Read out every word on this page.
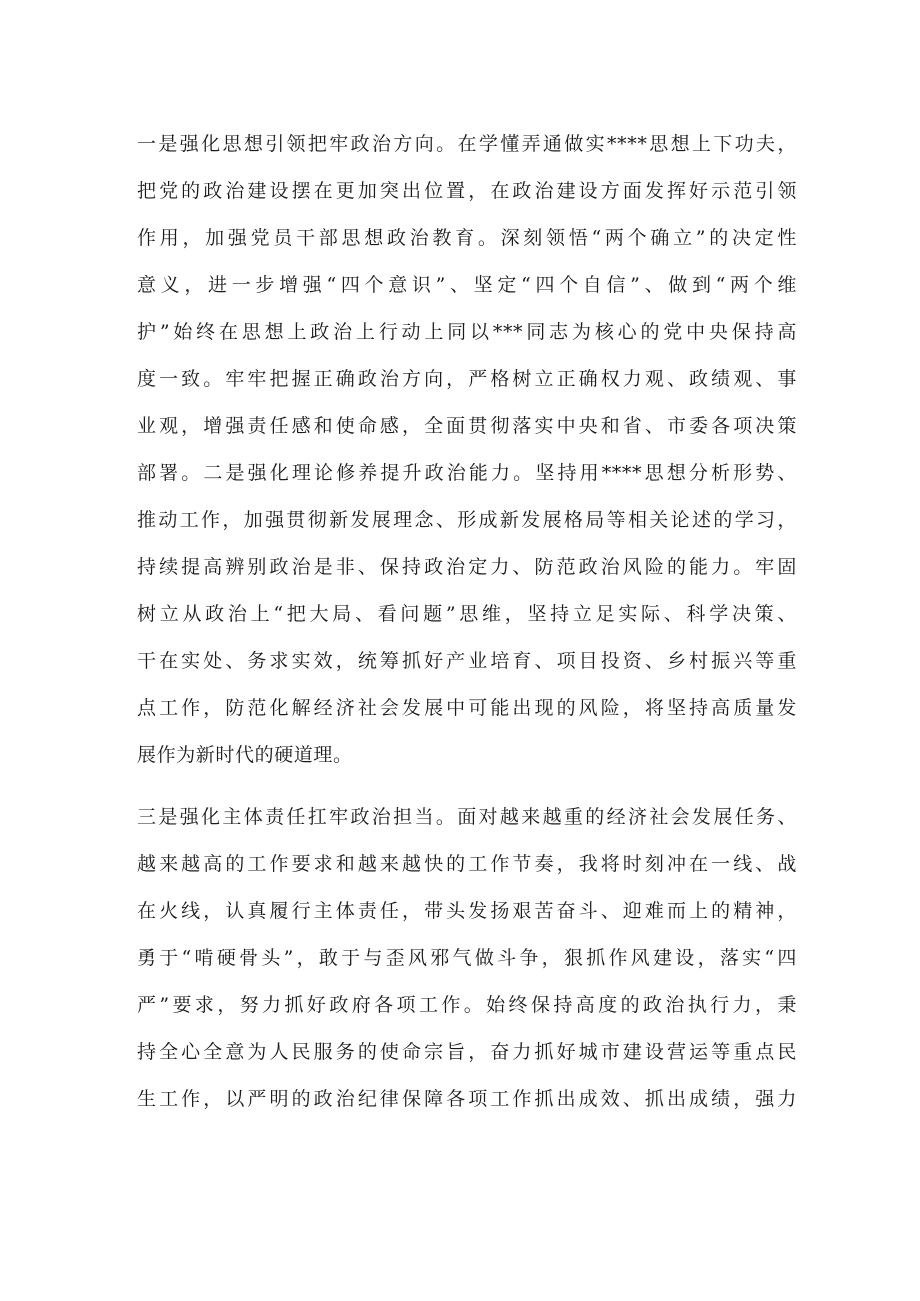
一是强化思想引领把牢政治方向。在学懂弄通做实****思想上下功夫，
把党的政治建设摆在更加突出位置，在政治建设方面发挥好示范引领
作用，加强党员干部思想政治教育。深刻领悟“两个确立”的决定性
意义，进一步增强“四个意识”、坚定“四个自信”、做到“两个维
护”始终在思想上政治上行动上同以***同志为核心的党中央保持高
度一致。牢牢把握正确政治方向，严格树立正确权力观、政绩观、事
业观，增强责任感和使命感，全面贯彻落实中央和省、市委各项决策
部署。二是强化理论修养提升政治能力。坚持用****思想分析形势、
推动工作，加强贯彻新发展理念、形成新发展格局等相关论述的学习，
持续提高辨别政治是非、保持政治定力、防范政治风险的能力。牢固
树立从政治上“把大局、看问题”思维，坚持立足实际、科学决策、
干在实处、务求实效，统筹抓好产业培育、项目投资、乡村振兴等重
点工作，防范化解经济社会发展中可能出现的风险，将坚持高质量发
展作为新时代的硬道理。
三是强化主体责任扛牢政治担当。面对越来越重的经济社会发展任务、
越来越高的工作要求和越来越快的工作节奏，我将时刻冲在一线、战
在火线，认真履行主体责任，带头发扬艰苦奋斗、迎难而上的精神，
勇于“啃硬骨头”，敢于与歪风邪气做斗争，狠抓作风建设，落实“四
严”要求，努力抓好政府各项工作。始终保持高度的政治执行力，秉
持全心全意为人民服务的使命宗旨，奋力抓好城市建设营运等重点民
生工作，以严明的政治纪律保障各项工作抓出成效、抓出成绩，强力
